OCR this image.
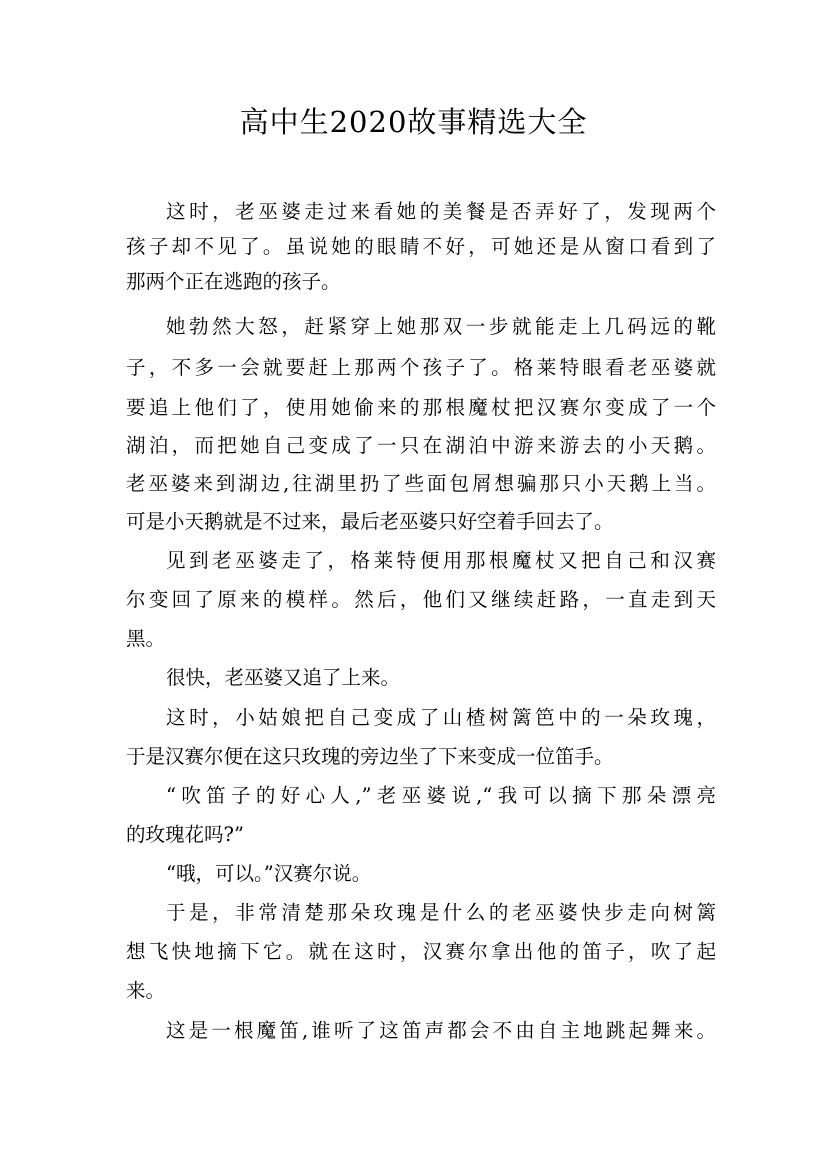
高中生2020故事精选大全
这时，老巫婆走过来看她的美餐是否弄好了，发现两个
孩子却不见了。虽说她的眼睛不好，可她还是从窗口看到了
那两个正在逃跑的孩子。
她勃然大怒，赶紧穿上她那双一步就能走上几码远的靴
子，不多一会就要赶上那两个孩子了。格莱特眼看老巫婆就
要追上他们了，使用她偷来的那根魔杖把汉赛尔变成了一个
湖泊，而把她自己变成了一只在湖泊中游来游去的小天鹅。
老巫婆来到湖边,往湖里扔了些面包屑想骗那只小天鹅上当。
可是小天鹅就是不过来，最后老巫婆只好空着手回去了。
见到老巫婆走了，格莱特便用那根魔杖又把自己和汉赛
尔变回了原来的模样。然后，他们又继续赶路，一直走到天
黑。
很快，老巫婆又追了上来。
这时，小姑娘把自己变成了山楂树篱笆中的一朵玫瑰，
于是汉赛尔便在这只玫瑰的旁边坐了下来变成一位笛手。
“吹笛子的好心人,”老巫婆说,“我可以摘下那朵漂亮
的玫瑰花吗?”
“哦，可以。”汉赛尔说。
于是，非常清楚那朵玫瑰是什么的老巫婆快步走向树篱
想飞快地摘下它。就在这时，汉赛尔拿出他的笛子，吹了起
来。
这是一根魔笛,谁听了这笛声都会不由自主地跳起舞来。
